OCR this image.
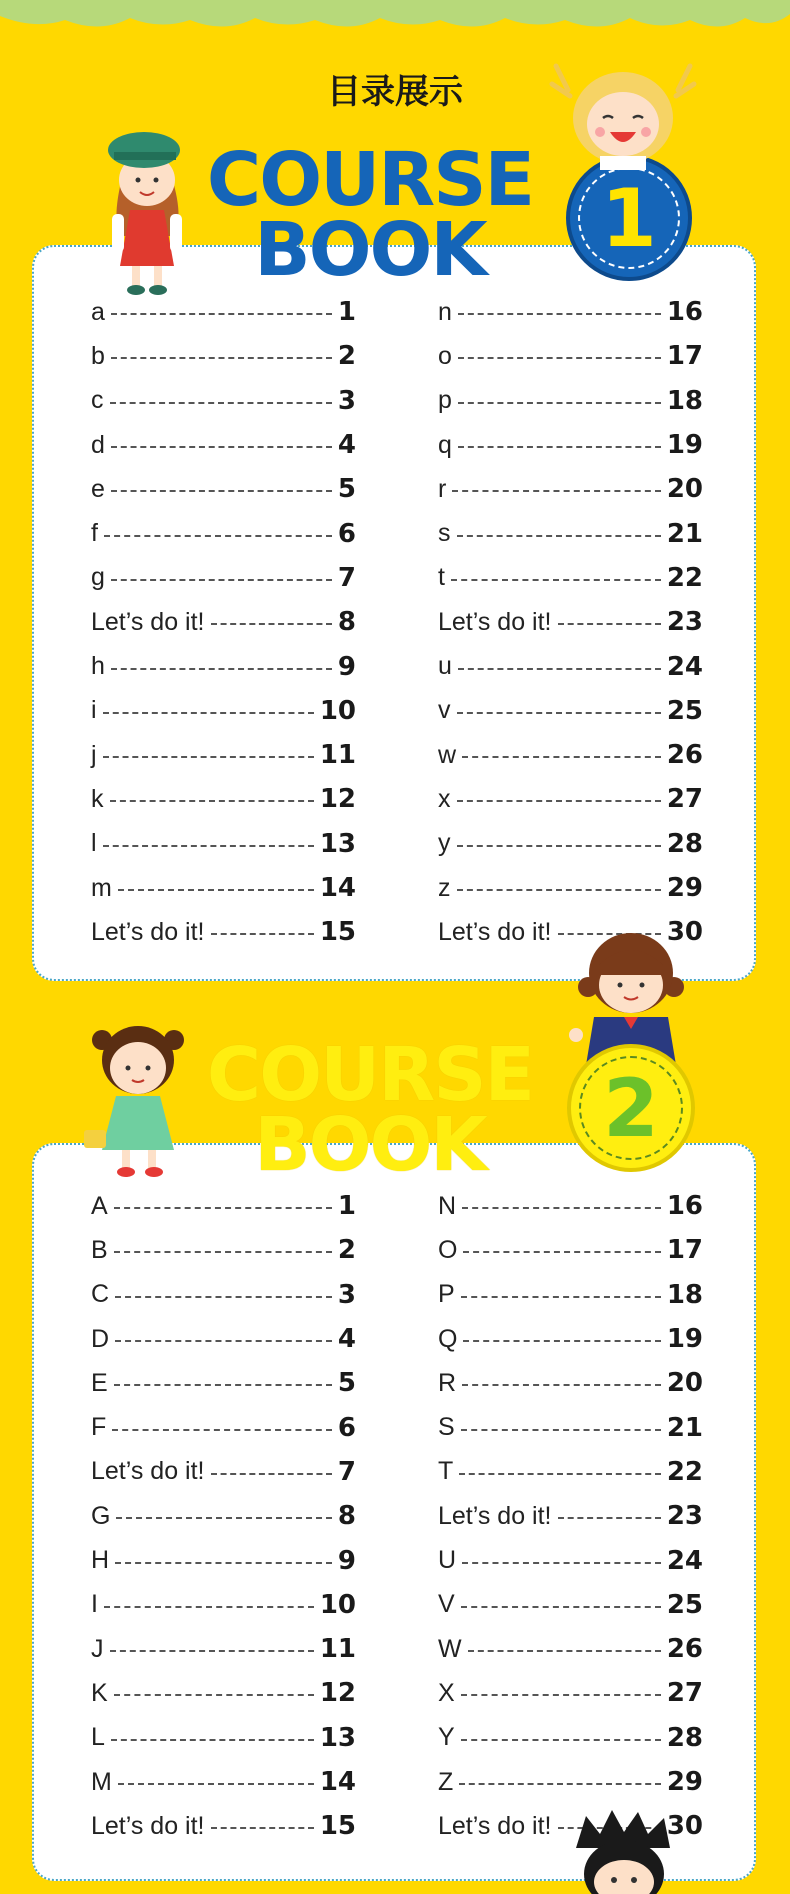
目录展示
COURSE
BOOK	1
a	1
b	2
c	3
d	4
e	5
f	6
g	7
Let’s do it!	8
h	9
i	10
j	11
k	12
l	13
m	14
Let’s do it!	15
n	16
o	17
p	18
q	19
r	20
s	21
t	22
Let’s do it!	23
u	24
v	25
w	26
x	27
y	28
z	29
Let’s do it!	30
COURSE
BOOK	2
A	1
B	2
C	3
D	4
E	5
F	6
Let’s do it!	7
G	8
H	9
I	10
J	11
K	12
L	13
M	14
Let’s do it!	15
N	16
O	17
P	18
Q	19
R	20
S	21
T	22
Let’s do it!	23
U	24
V	25
W	26
X	27
Y	28
Z	29
Let’s do it!	30
